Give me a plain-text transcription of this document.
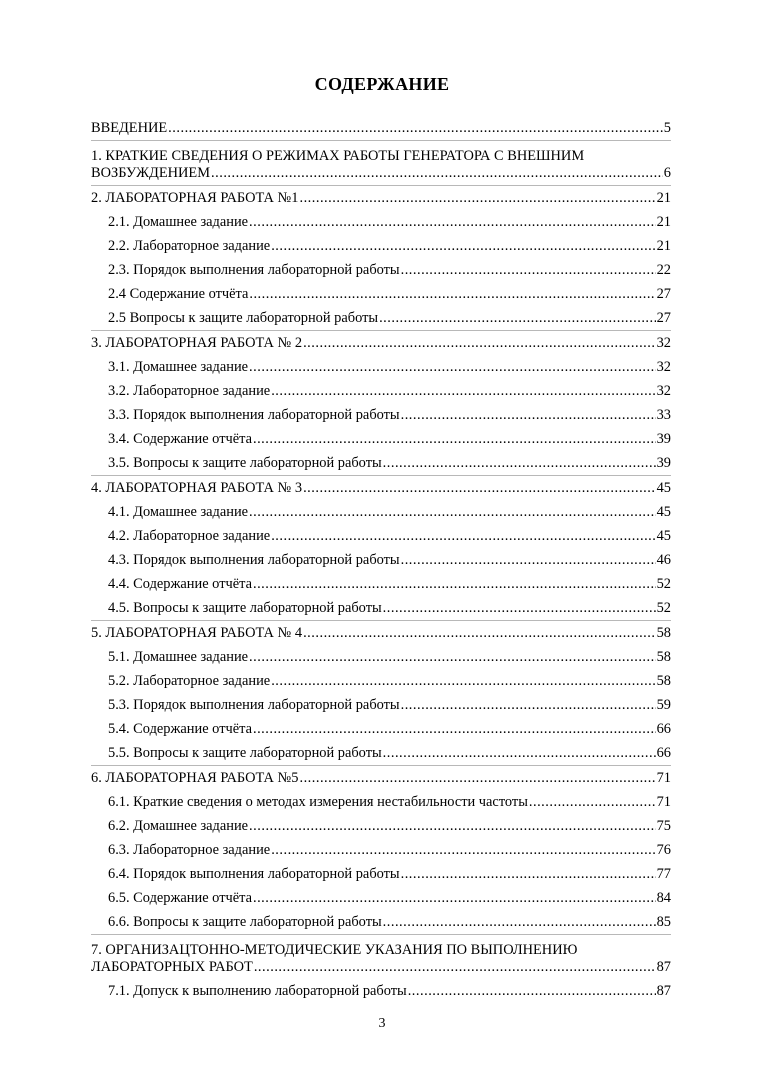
СОДЕРЖАНИЕ
ВВЕДЕНИЕ .....	5
1. КРАТКИЕ СВЕДЕНИЯ О РЕЖИМАХ РАБОТЫ ГЕНЕРАТОРА С ВНЕШНИМ
ВОЗБУЖДЕНИЕМ .....	6
2. ЛАБОРАТОРНАЯ РАБОТА №1 .....	21
2.1. Домашнее задание .....	21
2.2. Лабораторное задание .....	21
2.3. Порядок выполнения лабораторной работы .....	22
2.4 Содержание отчёта .....	27
2.5 Вопросы к защите лабораторной работы .....	27
3. ЛАБОРАТОРНАЯ РАБОТА № 2 .....	32
3.1. Домашнее задание .....	32
3.2. Лабораторное задание .....	32
3.3. Порядок выполнения лабораторной работы .....	33
3.4. Содержание отчёта .....	39
3.5. Вопросы к защите лабораторной работы .....	39
4. ЛАБОРАТОРНАЯ РАБОТА № 3 .....	45
4.1. Домашнее задание .....	45
4.2. Лабораторное задание .....	45
4.3. Порядок выполнения лабораторной работы .....	46
4.4. Содержание отчёта .....	52
4.5. Вопросы к защите лабораторной работы .....	52
5. ЛАБОРАТОРНАЯ РАБОТА № 4 .....	58
5.1. Домашнее задание .....	58
5.2. Лабораторное задание .....	58
5.3. Порядок выполнения лабораторной работы .....	59
5.4. Содержание отчёта .....	66
5.5. Вопросы к защите лабораторной работы .....	66
6. ЛАБОРАТОРНАЯ РАБОТА №5 .....	71
6.1. Краткие сведения о методах измерения нестабильности частоты .....	71
6.2. Домашнее задание .....	75
6.3. Лабораторное задание .....	76
6.4. Порядок выполнения лабораторной работы .....	77
6.5. Содержание отчёта .....	84
6.6. Вопросы к защите лабораторной работы .....	85
7. ОРГАНИЗАЦТОННО-МЕТОДИЧЕСКИЕ УКАЗАНИЯ ПО ВЫПОЛНЕНИЮ
ЛАБОРАТОРНЫХ РАБОТ .....	87
7.1. Допуск к выполнению лабораторной работы .....	87
3
